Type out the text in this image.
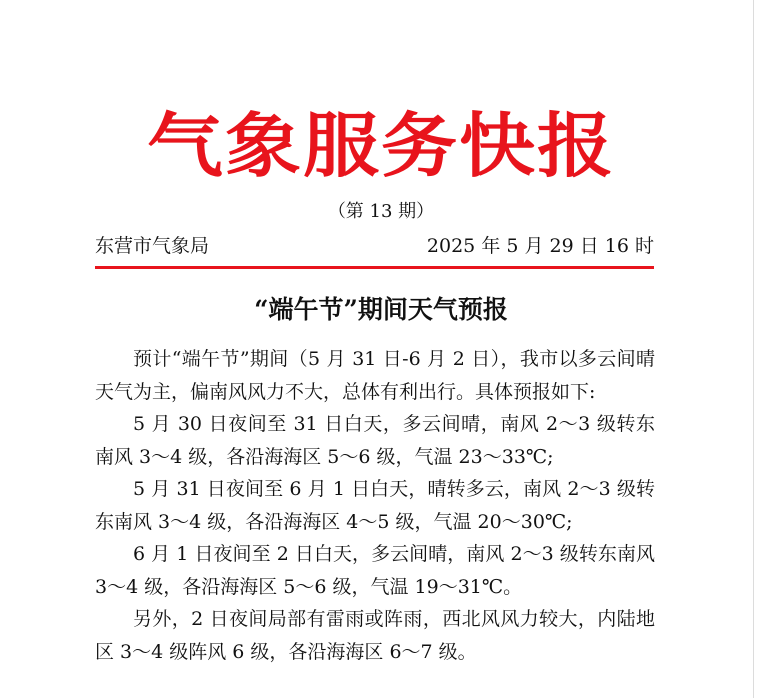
气象服务快报
（第 13 期）
东营市气象局	2025 年 5 月 29 日 16 时
“端午节”期间天气预报

预计“端午节”期间（5 月 31 日-6 月 2 日），我市以多云间晴天气为主，偏南风风力不大，总体有利出行。具体预报如下:

5 月 30 日夜间至 31 日白天，多云间晴，南风 2～3 级转东南风 3～4 级，各沿海海区 5～6 级，气温 23～33℃;

5 月 31 日夜间至 6 月 1 日白天，晴转多云，南风 2～3 级转东南风 3～4 级，各沿海海区 4～5 级，气温 20～30℃;

6 月 1 日夜间至 2 日白天，多云间晴，南风 2～3 级转东南风 3～4 级，各沿海海区 5～6 级，气温 19～31℃。

另外，2 日夜间局部有雷雨或阵雨，西北风风力较大，内陆地区 3～4 级阵风 6 级，各沿海海区 6～7 级。
